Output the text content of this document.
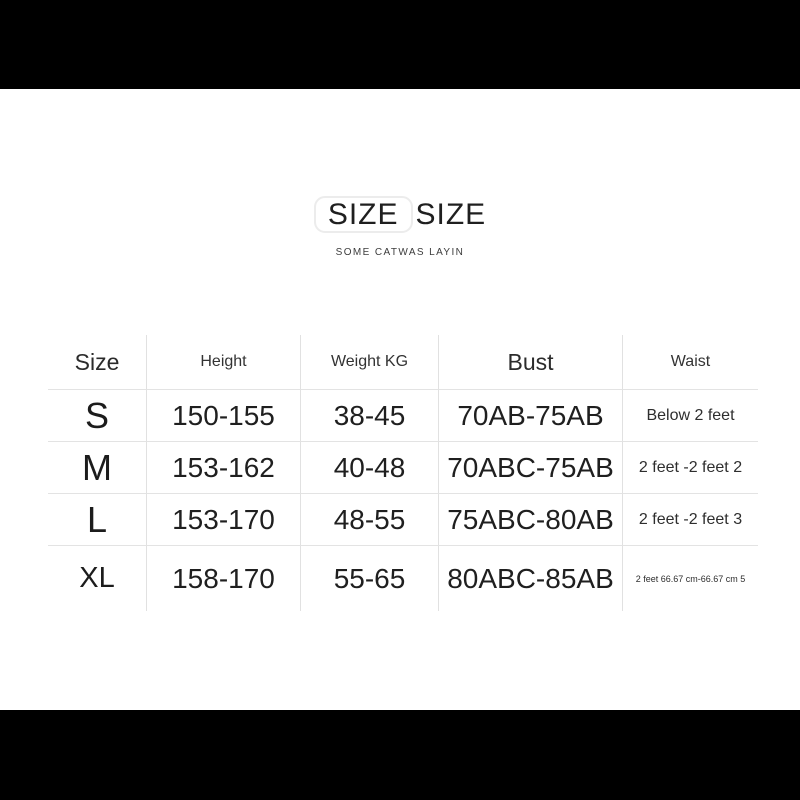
SIZE SIZE
SOME CATWAS LAYIN
Size	Height	Weight KG	Bust	Waist
S	150-155	38-45	70AB-75AB	Below 2 feet
M	153-162	40-48	70ABC-75AB	2 feet -2 feet 2
L	153-170	48-55	75ABC-80AB	2 feet -2 feet 3
XL	158-170	55-65	80ABC-85AB	2 feet 66.67 cm-66.67 cm 5
